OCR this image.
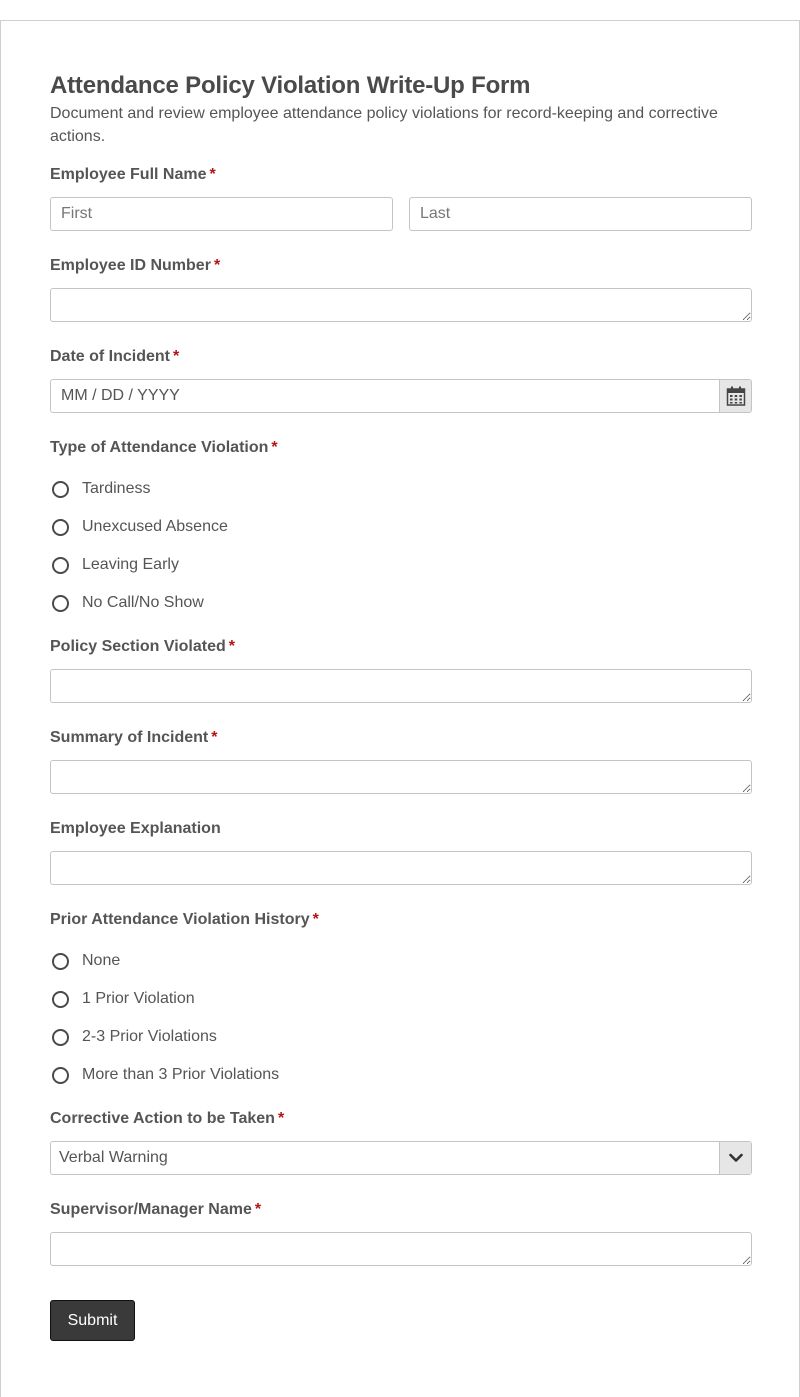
Attendance Policy Violation Write-Up Form

Document and review employee attendance policy violations for record-keeping and corrective actions.

Employee Full Name *
First
Last
Employee ID Number *
Date of Incident *
MM / DD / YYYY
Type of Attendance Violation *
Tardiness
Unexcused Absence
Leaving Early
No Call/No Show
Policy Section Violated *
Summary of Incident *
Employee Explanation
Prior Attendance Violation History *
None
1 Prior Violation
2-3 Prior Violations
More than 3 Prior Violations
Corrective Action to be Taken *
Verbal Warning
Supervisor/Manager Name *
Submit
